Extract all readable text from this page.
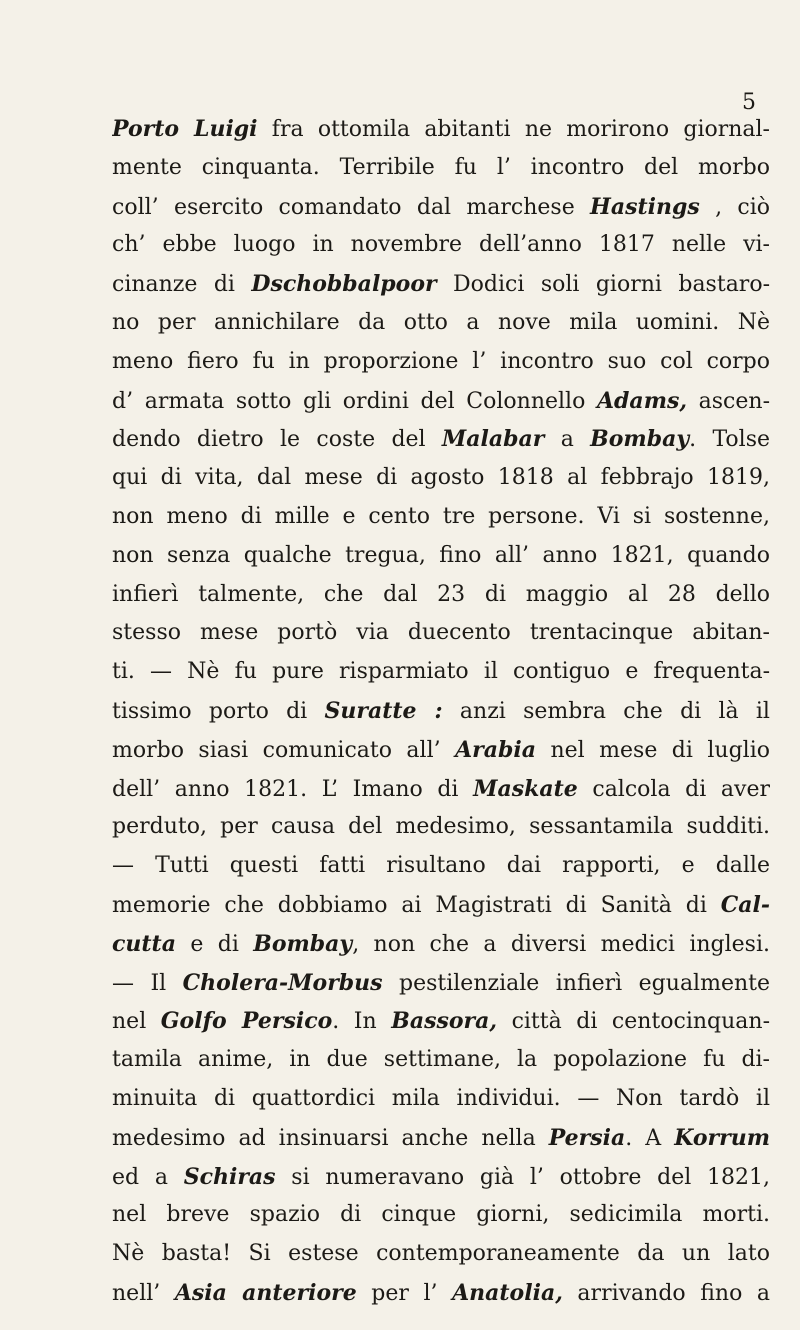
5
Porto Luigi fra ottomila abitanti ne morirono giornal-
mente cinquanta. Terribile fu l’ incontro del morbo
coll’ esercito comandato dal marchese Hastings , ciò
ch’ ebbe luogo in novembre dell’anno 1817 nelle vi-
cinanze di Dschobbalpoor Dodici soli giorni bastaro-
no per annichilare da otto a nove mila uomini. Nè
meno fiero fu in proporzione l’ incontro suo col corpo
d’ armata sotto gli ordini del Colonnello Adams, ascen-
dendo dietro le coste del Malabar a Bombay. Tolse
qui di vita, dal mese di agosto 1818 al febbrajo 1819,
non meno di mille e cento tre persone. Vi si sostenne,
non senza qualche tregua, fino all’ anno 1821, quando
infierì talmente, che dal 23 di maggio al 28 dello
stesso mese portò via duecento trentacinque abitan-
ti. — Nè fu pure risparmiato il contiguo e frequenta-
tissimo porto di Suratte : anzi sembra che di là il
morbo siasi comunicato all’ Arabia nel mese di luglio
dell’ anno 1821. L’ Imano di Maskate calcola di aver
perduto, per causa del medesimo, sessantamila sudditi.
— Tutti questi fatti risultano dai rapporti, e dalle
memorie che dobbiamo ai Magistrati di Sanità di Cal-
cutta e di Bombay, non che a diversi medici inglesi.
— Il Cholera-Morbus pestilenziale infierì egualmente
nel Golfo Persico. In Bassora, città di centocinquan-
tamila anime, in due settimane, la popolazione fu di-
minuita di quattordici mila individui. — Non tardò il
medesimo ad insinuarsi anche nella Persia. A Korrum
ed a Schiras si numeravano già l’ ottobre del 1821,
nel breve spazio di cinque giorni, sedicimila morti.
Nè basta! Si estese contemporaneamente da un lato
nell’ Asia anteriore per l’ Anatolia, arrivando fino a
